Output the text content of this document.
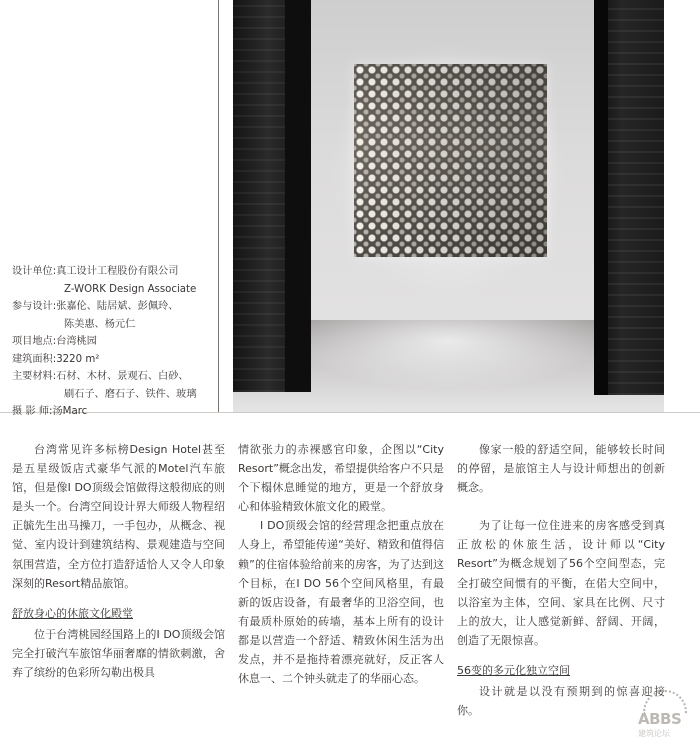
设计单位:真工设计工程股份有限公司
Z-WORK Design Associate
参与设计:张嘉伦、陆居斌、彭佩玲、
陈美惠、杨元仁
项目地点:台湾桃园
建筑面积:3220 m²
主要材料:石材、木材、景观石、白砂、
刷石子、磨石子、铁件、玻璃
摄 影 师:汤Marc

台湾常见许多标榜Design Hotel甚至是五星级饭店式豪华气派的Motel汽车旅馆，但是像I DO顶级会馆做得这般彻底的则是头一个。台湾空间设计界大师级人物程绍正毓先生出马操刀，一手包办，从概念、视觉、室内设计到建筑结构、景观建造与空间氛围营造，全方位打造舒适恰人又令人印象深刻的Resort精品旅馆。

舒放身心的休旅文化殿堂

位于台湾桃园经国路上的I DO顶级会馆完全打破汽车旅馆华丽奢靡的情欲刺激，舍弃了缤纷的色彩所勾勒出极具

情欲张力的赤裸感官印象，企图以“City Resort”概念出发，希望提供给客户不只是个下榻休息睡觉的地方，更是一个舒放身心和体验精致休旅文化的殿堂。

I DO顶级会馆的经营理念把重点放在人身上，希望能传递“美好、精致和值得信赖”的住宿体验给前来的房客，为了达到这个目标，在I DO 56个空间风格里，有最新的饭店设备，有最奢华的卫浴空间，也有最质朴原始的砖墙，基本上所有的设计都是以营造一个舒适、精致休闲生活为出发点，并不是拖持着漂亮就好，反正客人休息一、二个钟头就走了的华丽心态。

像家一般的舒适空间，能够较长时间的停留，是旅馆主人与设计师想出的创新概念。

为了让每一位住进来的房客感受到真正放松的休旅生活，设计师以“City Resort”为概念规划了56个空间型态，完全打破空间惯有的平衡，在偌大空间中，以浴室为主体，空间、家具在比例、尺寸上的放大，让人感觉新鲜、舒阔、开阔，创造了无限惊喜。

56变的多元化独立空间

设计就是以没有预期到的惊喜迎接你。	ABBS
建筑论坛
